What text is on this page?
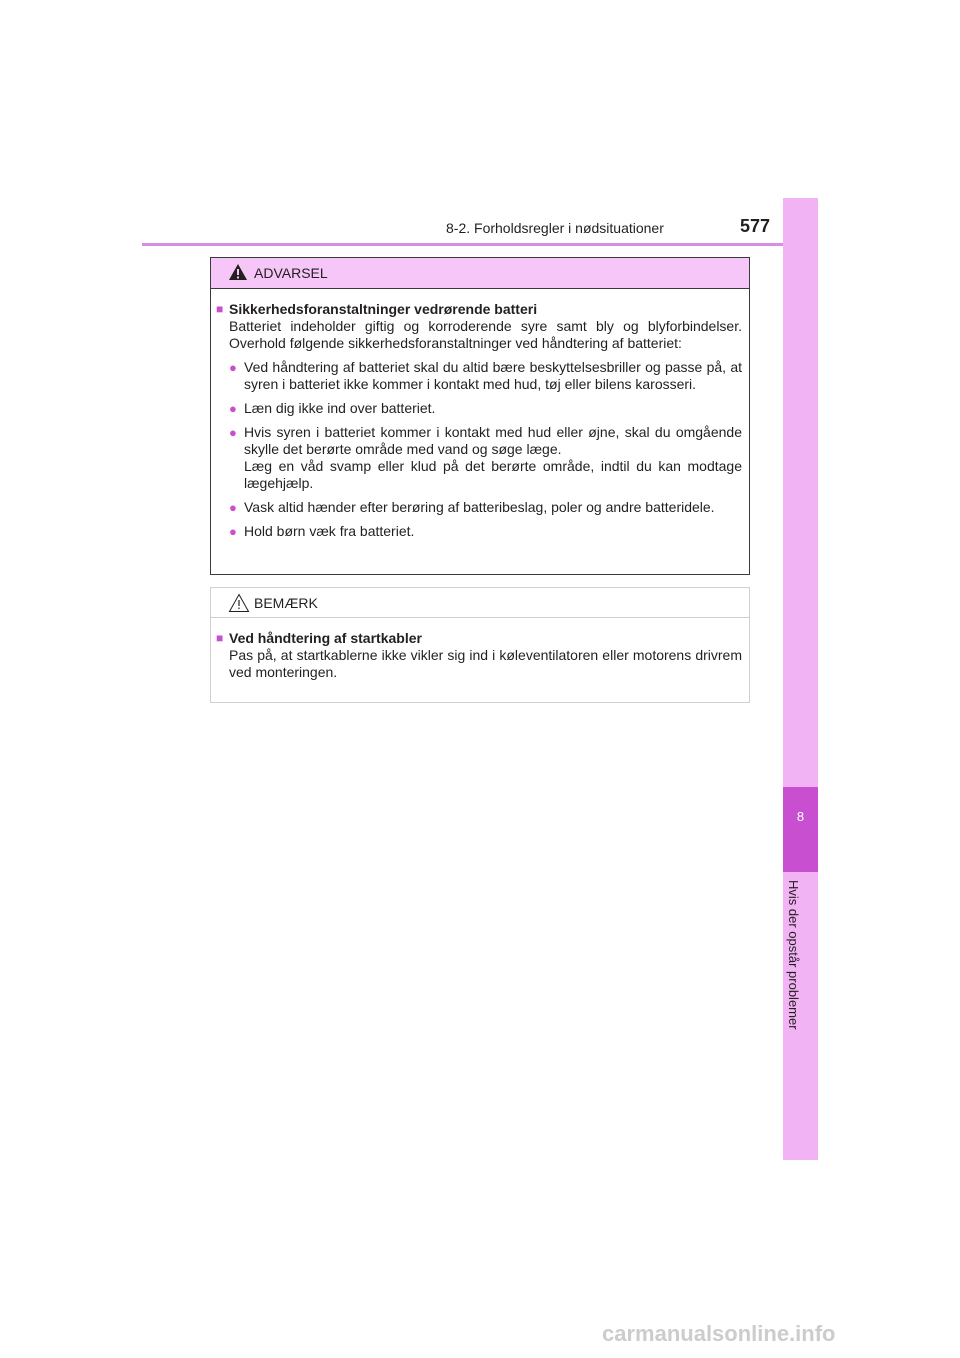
8-2. Forholdsregler i nødsituationer	577
8
Hvis der opstår problemer
ADVARSEL
■ Sikkerhedsforanstaltninger vedrørende batteri
Batteriet indeholder giftig og korroderende syre samt bly og blyforbindelser. Overhold følgende sikkerhedsforanstaltninger ved håndtering af batteriet:
● Ved håndtering af batteriet skal du altid bære beskyttelsesbriller og passe på, at syren i batteriet ikke kommer i kontakt med hud, tøj eller bilens karosseri.
● Læn dig ikke ind over batteriet.
● Hvis syren i batteriet kommer i kontakt med hud eller øjne, skal du omgående skylle det berørte område med vand og søge læge.
Læg en våd svamp eller klud på det berørte område, indtil du kan modtage lægehjælp.
● Vask altid hænder efter berøring af batteribeslag, poler og andre batteridele.
● Hold børn væk fra batteriet.
BEMÆRK
■ Ved håndtering af startkabler
Pas på, at startkablerne ikke vikler sig ind i køleventilatoren eller motorens drivrem ved monteringen.
carmanualsonline.info
